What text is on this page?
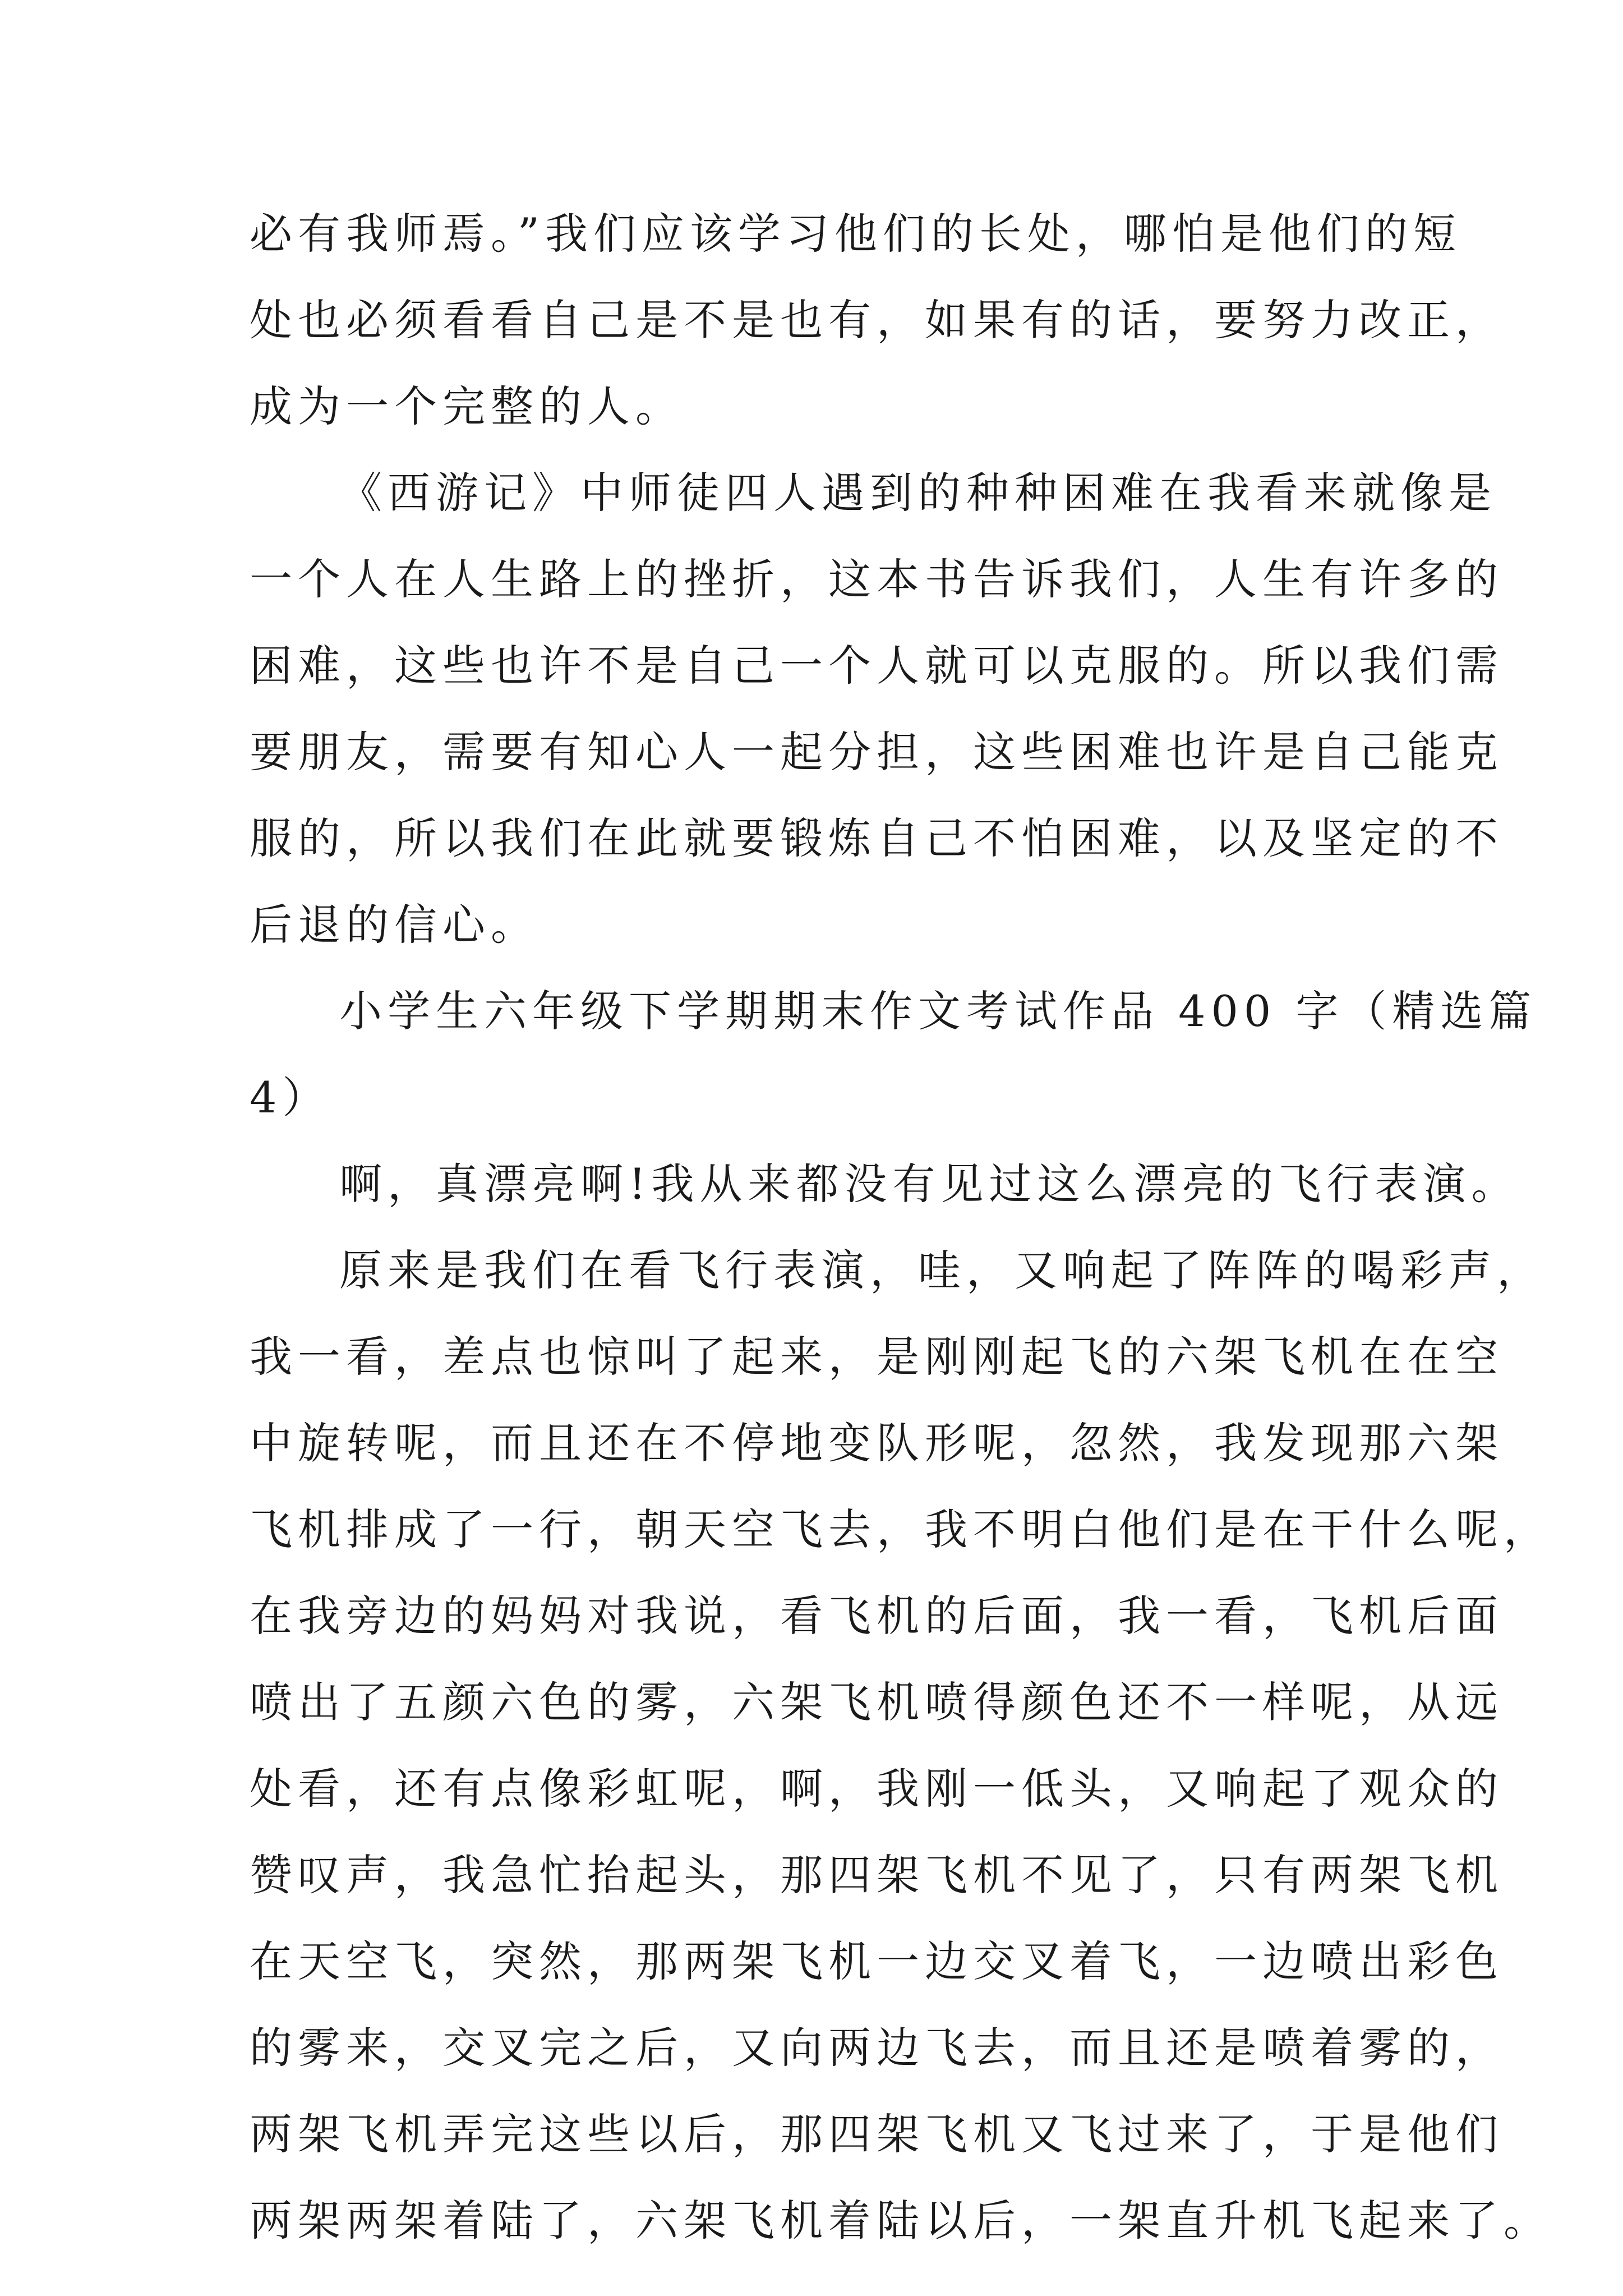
必有我师焉。”我们应该学习他们的长处，哪怕是他们的短
处也必须看看自己是不是也有，如果有的话，要努力改正，
成为一个完整的人。
《西游记》中师徒四人遇到的种种困难在我看来就像是
一个人在人生路上的挫折，这本书告诉我们，人生有许多的
困难，这些也许不是自己一个人就可以克服的。所以我们需
要朋友，需要有知心人一起分担，这些困难也许是自己能克
服的，所以我们在此就要锻炼自己不怕困难，以及坚定的不
后退的信心。
小学生六年级下学期期末作文考试作品 400 字（精选篇
4）
啊，真漂亮啊!我从来都没有见过这么漂亮的飞行表演。
原来是我们在看飞行表演，哇，又响起了阵阵的喝彩声，
我一看，差点也惊叫了起来，是刚刚起飞的六架飞机在在空
中旋转呢，而且还在不停地变队形呢，忽然，我发现那六架
飞机排成了一行，朝天空飞去，我不明白他们是在干什么呢，
在我旁边的妈妈对我说，看飞机的后面，我一看，飞机后面
喷出了五颜六色的雾，六架飞机喷得颜色还不一样呢，从远
处看，还有点像彩虹呢，啊，我刚一低头，又响起了观众的
赞叹声，我急忙抬起头，那四架飞机不见了，只有两架飞机
在天空飞，突然，那两架飞机一边交叉着飞，一边喷出彩色
的雾来，交叉完之后，又向两边飞去，而且还是喷着雾的，
两架飞机弄完这些以后，那四架飞机又飞过来了，于是他们
两架两架着陆了，六架飞机着陆以后，一架直升机飞起来了。
